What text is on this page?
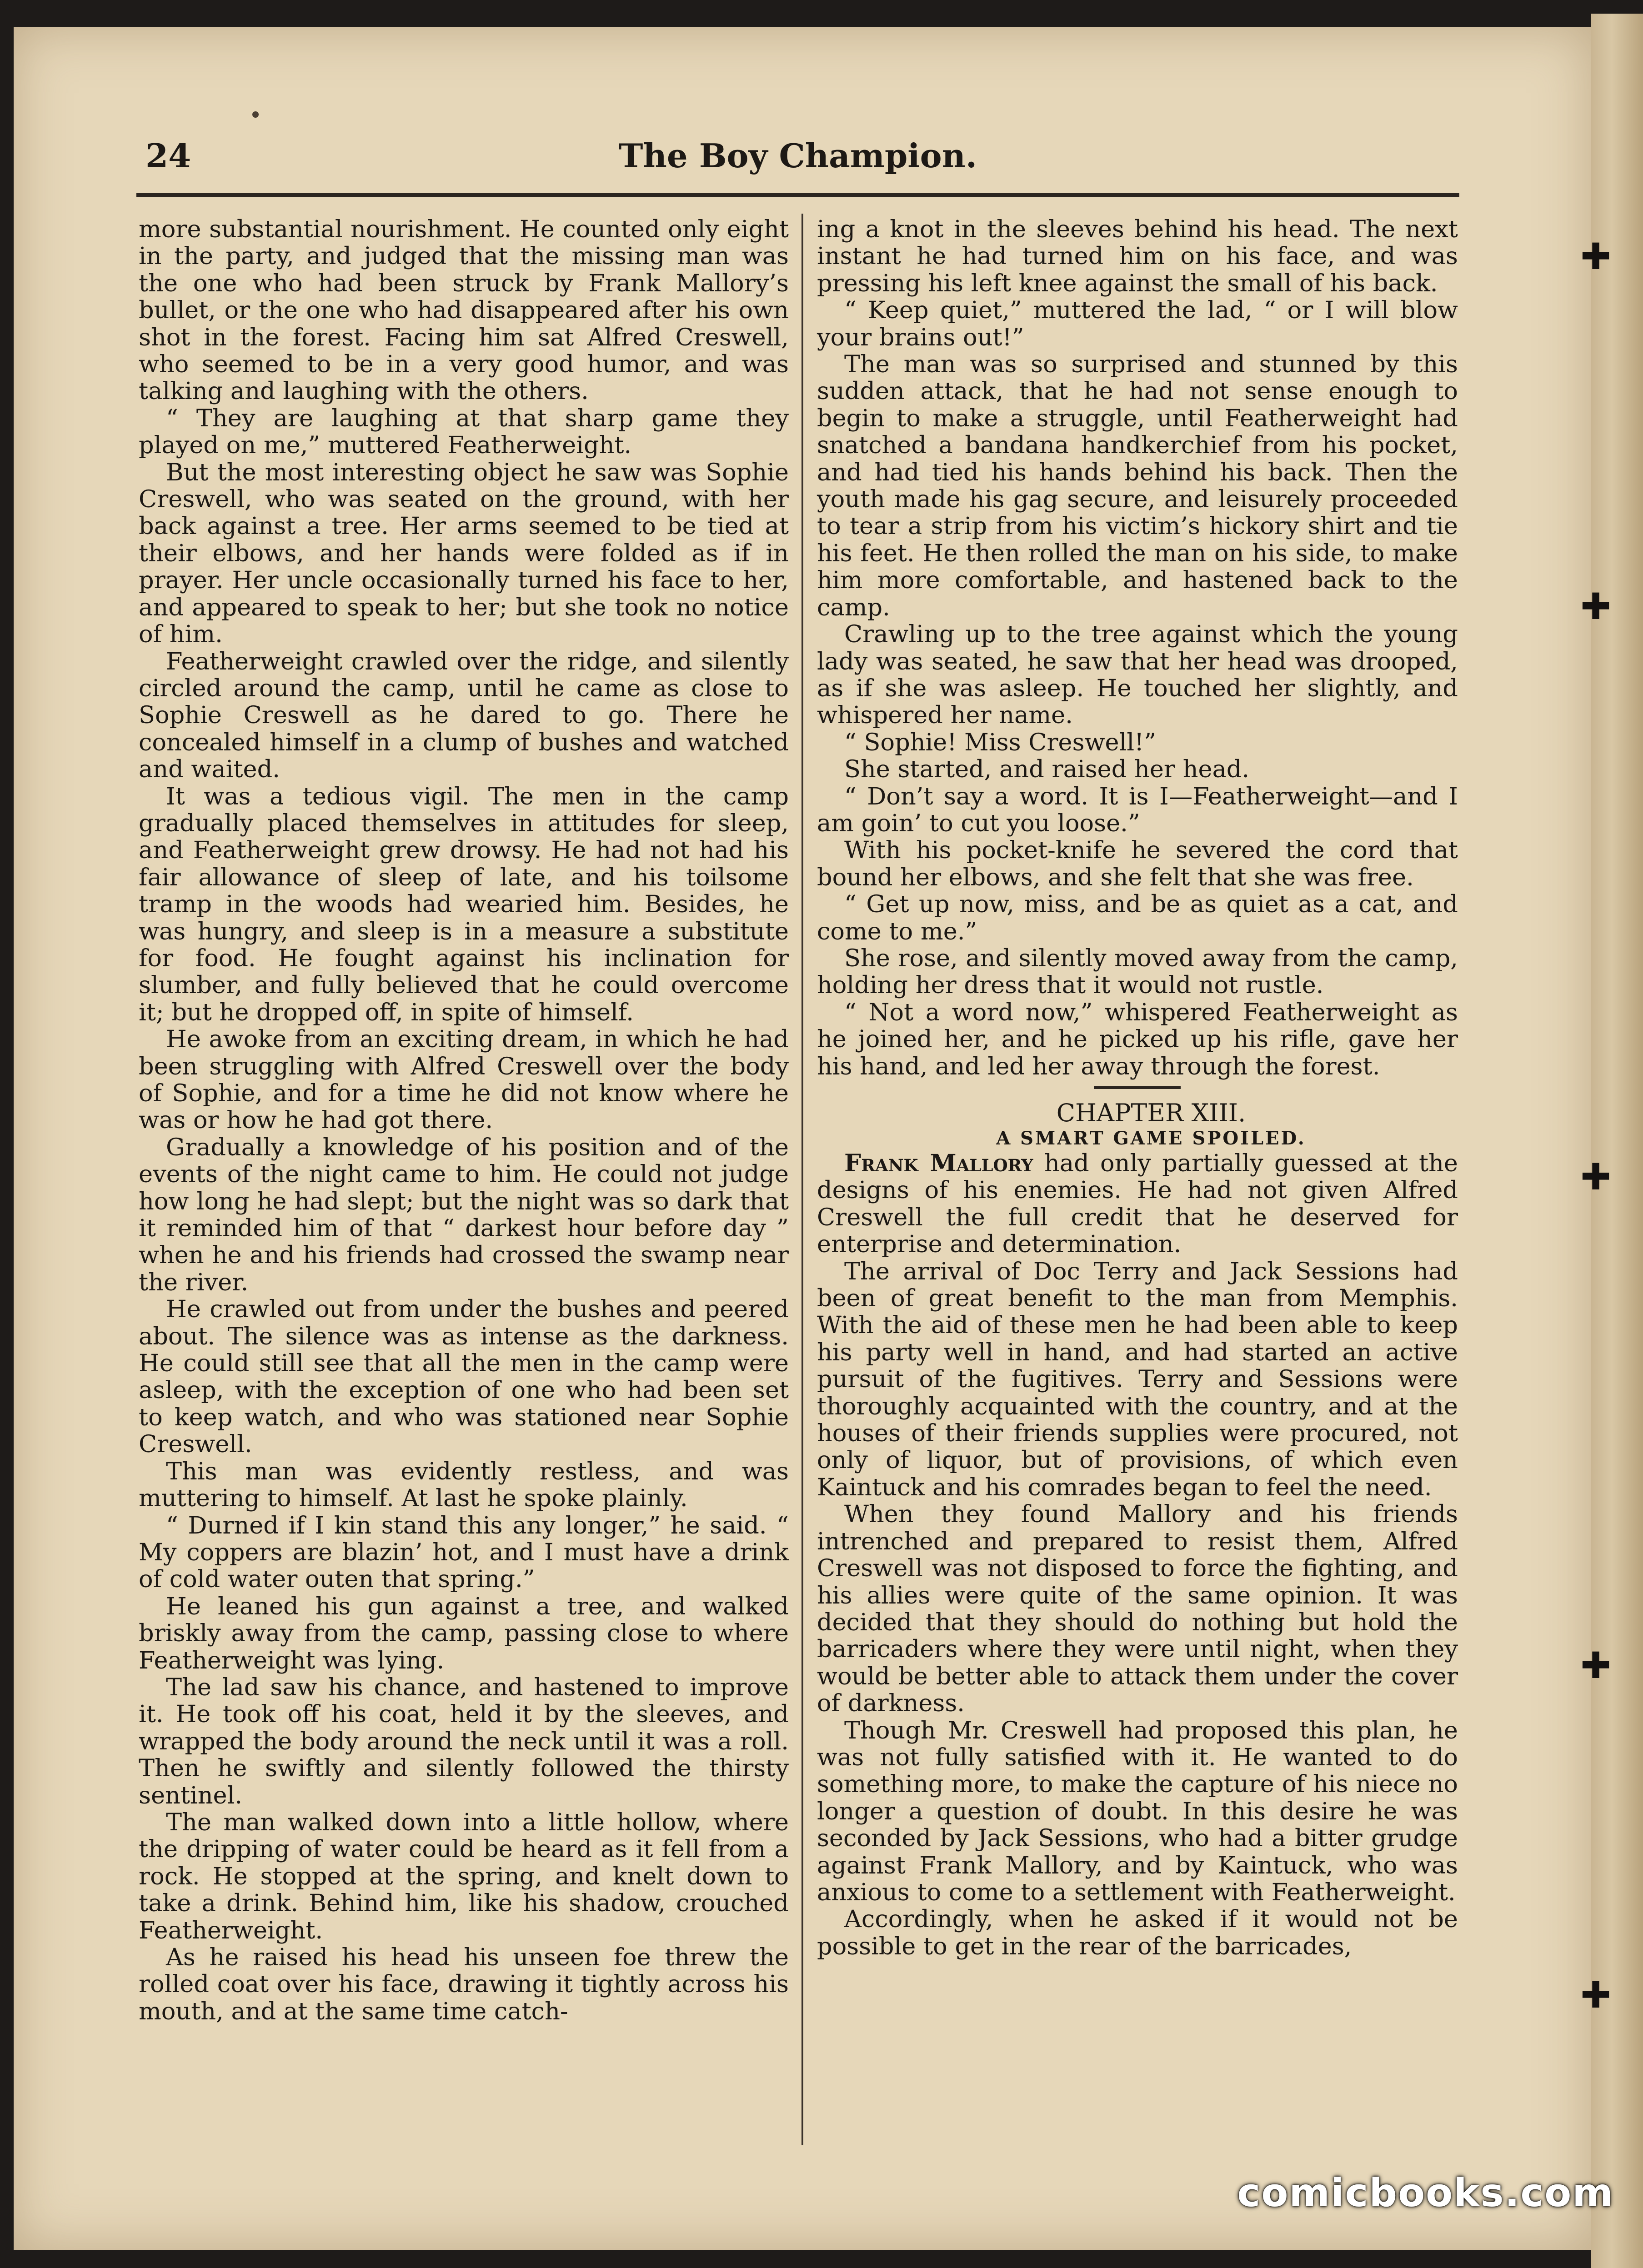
✚
✚
✚
✚
✚
24	The Boy Champion.

more substantial nourishment. He counted only eight in the party, and judged that the missing man was the one who had been struck by Frank Mallory’s bullet, or the one who had disappeared after his own shot in the forest. Facing him sat Alfred Creswell, who seemed to be in a very good humor, and was talking and laughing with the others.

“ They are laughing at that sharp game they played on me,” muttered Featherweight.

But the most interesting object he saw was Sophie Creswell, who was seated on the ground, with her back against a tree. Her arms seemed to be tied at their elbows, and her hands were folded as if in prayer. Her uncle occasionally turned his face to her, and appeared to speak to her; but she took no notice of him.

Featherweight crawled over the ridge, and silently circled around the camp, until he came as close to Sophie Creswell as he dared to go. There he concealed himself in a clump of bushes and watched and waited.

It was a tedious vigil. The men in the camp gradually placed themselves in attitudes for sleep, and Featherweight grew drowsy. He had not had his fair allowance of sleep of late, and his toilsome tramp in the woods had wearied him. Besides, he was hungry, and sleep is in a measure a substitute for food. He fought against his inclination for slumber, and fully believed that he could overcome it; but he dropped off, in spite of himself.

He awoke from an exciting dream, in which he had been struggling with Alfred Creswell over the body of Sophie, and for a time he did not know where he was or how he had got there.

Gradually a knowledge of his position and of the events of the night came to him. He could not judge how long he had slept; but the night was so dark that it reminded him of that “ darkest hour before day ” when he and his friends had crossed the swamp near the river.

He crawled out from under the bushes and peered about. The silence was as intense as the darkness. He could still see that all the men in the camp were asleep, with the exception of one who had been set to keep watch, and who was stationed near Sophie Creswell.

This man was evidently restless, and was muttering to himself. At last he spoke plainly.

“ Durned if I kin stand this any longer,” he said. “ My coppers are blazin’ hot, and I must have a drink of cold water outen that spring.”

He leaned his gun against a tree, and walked briskly away from the camp, passing close to where Featherweight was lying.

The lad saw his chance, and hastened to improve it. He took off his coat, held it by the sleeves, and wrapped the body around the neck until it was a roll. Then he swiftly and silently followed the thirsty sentinel.

The man walked down into a little hollow, where the dripping of water could be heard as it fell from a rock. He stopped at the spring, and knelt down to take a drink. Behind him, like his shadow, crouched Featherweight.

As he raised his head his unseen foe threw the rolled coat over his face, drawing it tightly across his mouth, and at the same time catch-

ing a knot in the sleeves behind his head. The next instant he had turned him on his face, and was pressing his left knee against the small of his back.

“ Keep quiet,” muttered the lad, “ or I will blow your brains out!”

The man was so surprised and stunned by this sudden attack, that he had not sense enough to begin to make a struggle, until Featherweight had snatched a bandana handkerchief from his pocket, and had tied his hands behind his back. Then the youth made his gag secure, and leisurely proceeded to tear a strip from his victim’s hickory shirt and tie his feet. He then rolled the man on his side, to make him more comfortable, and hastened back to the camp.

Crawling up to the tree against which the young lady was seated, he saw that her head was drooped, as if she was asleep. He touched her slightly, and whispered her name.

“ Sophie! Miss Creswell!”

She started, and raised her head.

“ Don’t say a word. It is I—Featherweight—and I am goin’ to cut you loose.”

With his pocket-knife he severed the cord that bound her elbows, and she felt that she was free.

“ Get up now, miss, and be as quiet as a cat, and come to me.”

She rose, and silently moved away from the camp, holding her dress that it would not rustle.

“ Not a word now,” whispered Featherweight as he joined her, and he picked up his rifle, gave her his hand, and led her away through the forest.

CHAPTER XIII.

A SMART GAME SPOILED.

Frank Mallory had only partially guessed at the designs of his enemies. He had not given Alfred Creswell the full credit that he deserved for enterprise and determination.

The arrival of Doc Terry and Jack Sessions had been of great benefit to the man from Memphis. With the aid of these men he had been able to keep his party well in hand, and had started an active pursuit of the fugitives. Terry and Sessions were thoroughly acquainted with the country, and at the houses of their friends supplies were procured, not only of liquor, but of provisions, of which even Kaintuck and his comrades began to feel the need.

When they found Mallory and his friends intrenched and prepared to resist them, Alfred Creswell was not disposed to force the fighting, and his allies were quite of the same opinion. It was decided that they should do nothing but hold the barricaders where they were until night, when they would be better able to attack them under the cover of darkness.

Though Mr. Creswell had proposed this plan, he was not fully satisfied with it. He wanted to do something more, to make the capture of his niece no longer a question of doubt. In this desire he was seconded by Jack Sessions, who had a bitter grudge against Frank Mallory, and by Kaintuck, who was anxious to come to a settlement with Featherweight.

Accordingly, when he asked if it would not be possible to get in the rear of the barricades,

comicbooks.com
